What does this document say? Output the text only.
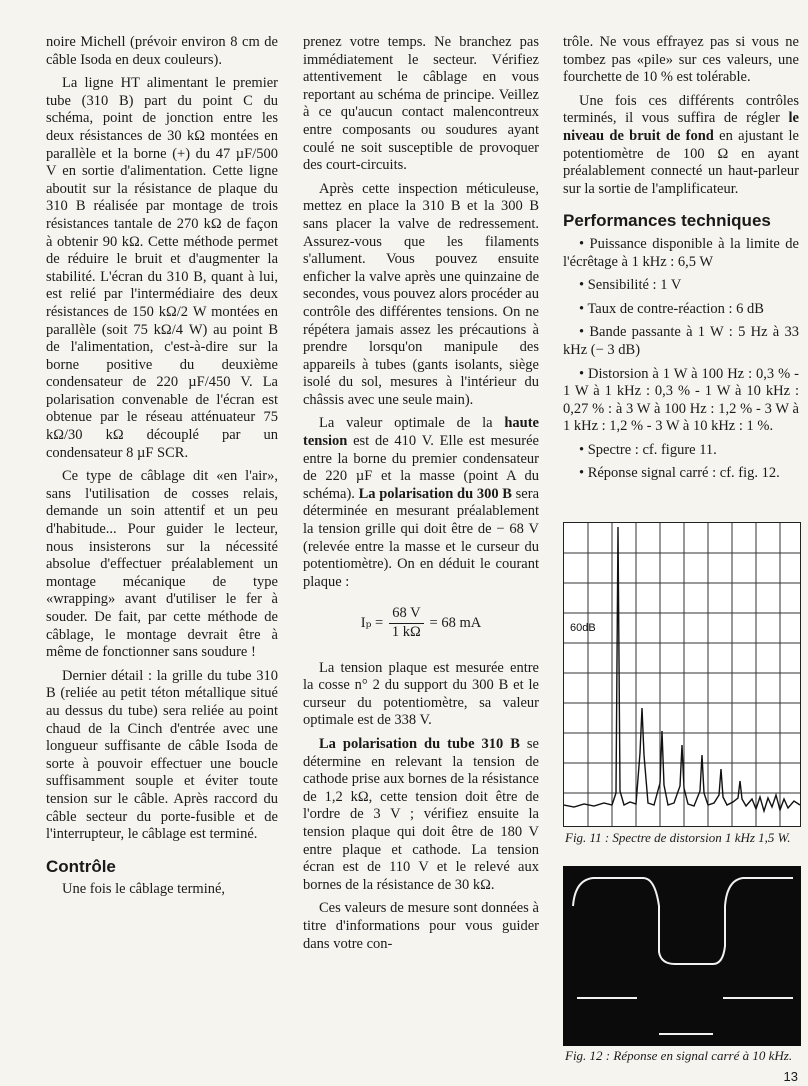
noire Michell (prévoir environ 8 cm de câble Isoda en deux couleurs).

La ligne HT alimentant le premier tube (310 B) part du point C du schéma, point de jonction entre les deux résistances de 30 kΩ montées en parallèle et la borne (+) du 47 µF/500 V en sortie d'alimentation. Cette ligne aboutit sur la résistance de plaque du 310 B réalisée par montage de trois résistances tantale de 270 kΩ de façon à obtenir 90 kΩ. Cette méthode permet de réduire le bruit et d'augmenter la stabilité. L'écran du 310 B, quant à lui, est relié par l'intermédiaire des deux résistances de 150 kΩ/2 W montées en parallèle (soit 75 kΩ/4 W) au point B de l'alimentation, c'est-à-dire sur la borne positive du deuxième condensateur de 220 µF/450 V. La polarisation convenable de l'écran est obtenue par le réseau atténuateur 75 kΩ/30 kΩ découplé par un condensateur 8 µF SCR.

Ce type de câblage dit «en l'air», sans l'utilisation de cosses relais, demande un soin attentif et un peu d'habitude... Pour guider le lecteur, nous insisterons sur la nécessité absolue d'effectuer préalablement un montage mécanique de type «wrapping» avant d'utiliser le fer à souder. De fait, par cette méthode de câblage, le montage devrait être à même de fonctionner sans soudure !

Dernier détail : la grille du tube 310 B (reliée au petit téton métallique situé au dessus du tube) sera reliée au point chaud de la Cinch d'entrée avec une longueur suffisante de câble Isoda de sorte à pouvoir effectuer une boucle suffisamment souple et éviter toute tension sur le câble. Après raccord du câble secteur du porte-fusible et de l'interrupteur, le câblage est terminé.

Contrôle

Une fois le câblage terminé,

prenez votre temps. Ne branchez pas immédiatement le secteur. Vérifiez attentivement le câblage en vous reportant au schéma de principe. Veillez à ce qu'aucun contact malencontreux entre composants ou soudures ayant coulé ne soit susceptible de provoquer des court-circuits.

Après cette inspection méticuleuse, mettez en place la 310 B et la 300 B sans placer la valve de redressement. Assurez-vous que les filaments s'allument. Vous pouvez ensuite enficher la valve après une quinzaine de secondes, vous pouvez alors procéder au contrôle des différentes tensions. On ne répétera jamais assez les précautions à prendre lorsqu'on manipule des appareils à tubes (gants isolants, siège isolé du sol, mesures à l'intérieur du châssis avec une seule main).

La valeur optimale de la haute tension est de 410 V. Elle est mesurée entre la borne du premier condensateur de 220 µF et la masse (point A du schéma). La polarisation du 300 B sera déterminée en mesurant préalablement la tension grille qui doit être de − 68 V (relevée entre la masse et le curseur du potentiomètre). On en déduit le courant plaque :

$I_p = \frac{68 V}{1 k\Omega} = 68$ mA

La tension plaque est mesurée entre la cosse n° 2 du support du 300 B et le curseur du potentiomètre, sa valeur optimale est de 338 V.

La polarisation du tube 310 B se détermine en relevant la tension de cathode prise aux bornes de la résistance de 1,2 kΩ, cette tension doit être de l'ordre de 3 V ; vérifiez ensuite la tension plaque qui doit être de 180 V entre plaque et cathode. La tension écran est de 110 V et le relevé aux bornes de la résistance de 30 kΩ.

Ces valeurs de mesure sont données à titre d'informations pour vous guider dans votre con-

trôle. Ne vous effrayez pas si vous ne tombez pas «pile» sur ces valeurs, une fourchette de 10 % est tolérable.

Une fois ces différents contrôles terminés, il vous suffira de régler le niveau de bruit de fond en ajustant le potentiomètre de 100 Ω en ayant préalablement connecté un haut-parleur sur la sortie de l'amplificateur.

Performances techniques

• Puissance disponible à la limite de l'écrêtage à 1 kHz : 6,5 W

• Sensibilité : 1 V

• Taux de contre-réaction : 6 dB

• Bande passante à 1 W : 5 Hz à 33 kHz (− 3 dB)

• Distorsion à 1 W à 100 Hz : 0,3 % - 1 W à 1 kHz : 0,3 % - 1 W à 10 kHz : 0,27 % : à 3 W à 100 Hz : 1,2 % - 3 W à 1 kHz : 1,2 % - 3 W à 10 kHz : 1 %.

• Spectre : cf. figure 11.

• Réponse signal carré : cf. fig. 12.

60dB
Fig. 11 : Spectre de distorsion 1 kHz 1,5 W.
Fig. 12 : Réponse en signal carré à 10 kHz.
13
